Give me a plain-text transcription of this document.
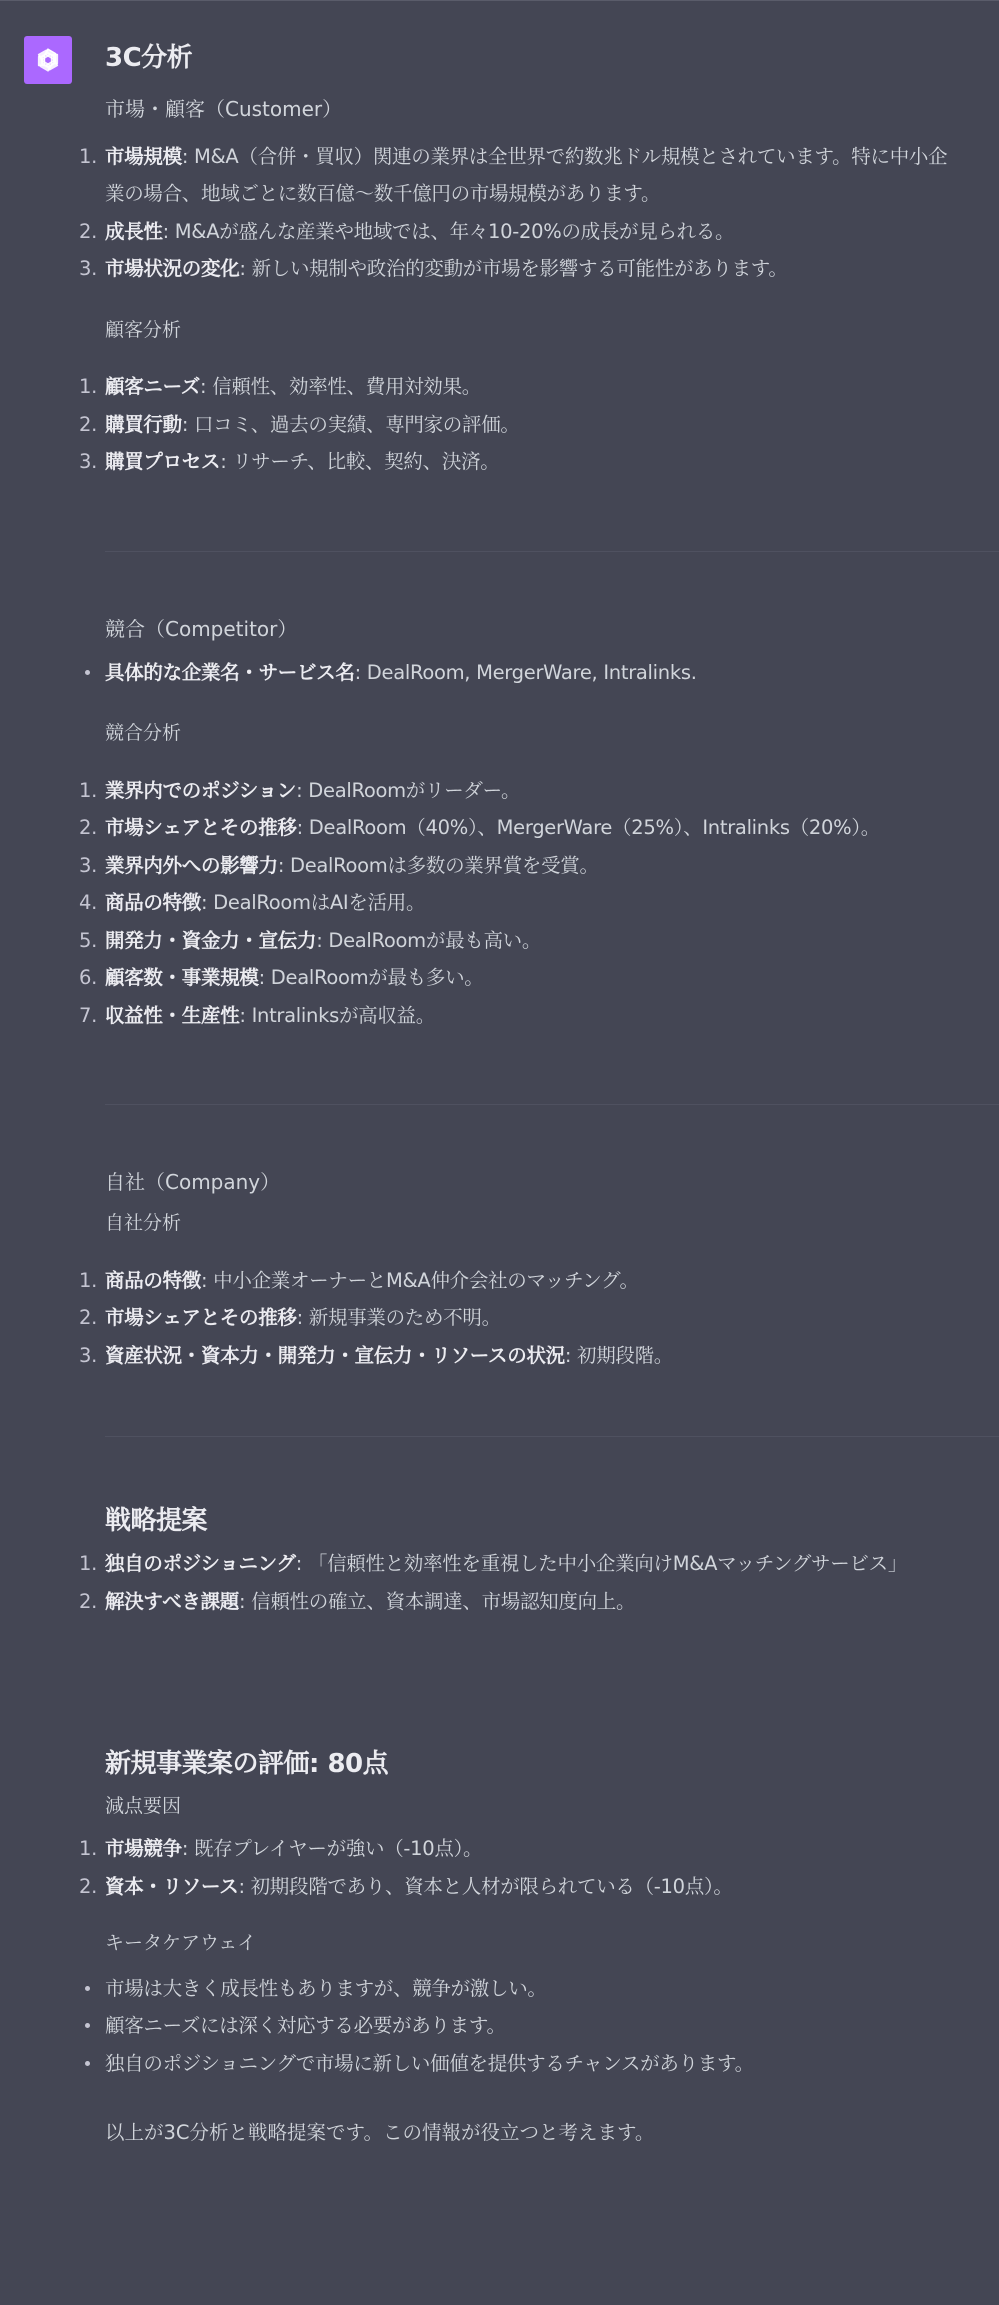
3C分析

市場・顧客（Customer）

1. 市場規模: M&A（合併・買収）関連の業界は全世界で約数兆ドル規模とされています。特に中小企
業の場合、地域ごとに数百億～数千億円の市場規模があります。
2. 成長性: M&Aが盛んな産業や地域では、年々10-20%の成長が見られる。
3. 市場状況の変化: 新しい規制や政治的変動が市場を影響する可能性があります。

顧客分析

1. 顧客ニーズ: 信頼性、効率性、費用対効果。
2. 購買行動: 口コミ、過去の実績、専門家の評価。
3. 購買プロセス: リサーチ、比較、契約、決済。

競合（Competitor）

具体的な企業名・サービス名: DealRoom, MergerWare, Intralinks.

競合分析

1. 業界内でのポジション: DealRoomがリーダー。
2. 市場シェアとその推移: DealRoom（40%）、MergerWare（25%）、Intralinks（20%）。
3. 業界内外への影響力: DealRoomは多数の業界賞を受賞。
4. 商品の特徴: DealRoomはAIを活用。
5. 開発力・資金力・宣伝力: DealRoomが最も高い。
6. 顧客数・事業規模: DealRoomが最も多い。
7. 収益性・生産性: Intralinksが高収益。

自社（Company）

自社分析

1. 商品の特徴: 中小企業オーナーとM&A仲介会社のマッチング。
2. 市場シェアとその推移: 新規事業のため不明。
3. 資産状況・資本力・開発力・宣伝力・リソースの状況: 初期段階。
戦略提案
1. 独自のポジショニング: 「信頼性と効率性を重視した中小企業向けM&Aマッチングサービス」
2. 解決すべき課題: 信頼性の確立、資本調達、市場認知度向上。
新規事業案の評価: 80点

減点要因

1. 市場競争: 既存プレイヤーが強い（-10点）。
2. 資本・リソース: 初期段階であり、資本と人材が限られている（-10点）。

キータケアウェイ

市場は大きく成長性もありますが、競争が激しい。
顧客ニーズには深く対応する必要があります。
独自のポジショニングで市場に新しい価値を提供するチャンスがあります。

以上が3C分析と戦略提案です。この情報が役立つと考えます。
